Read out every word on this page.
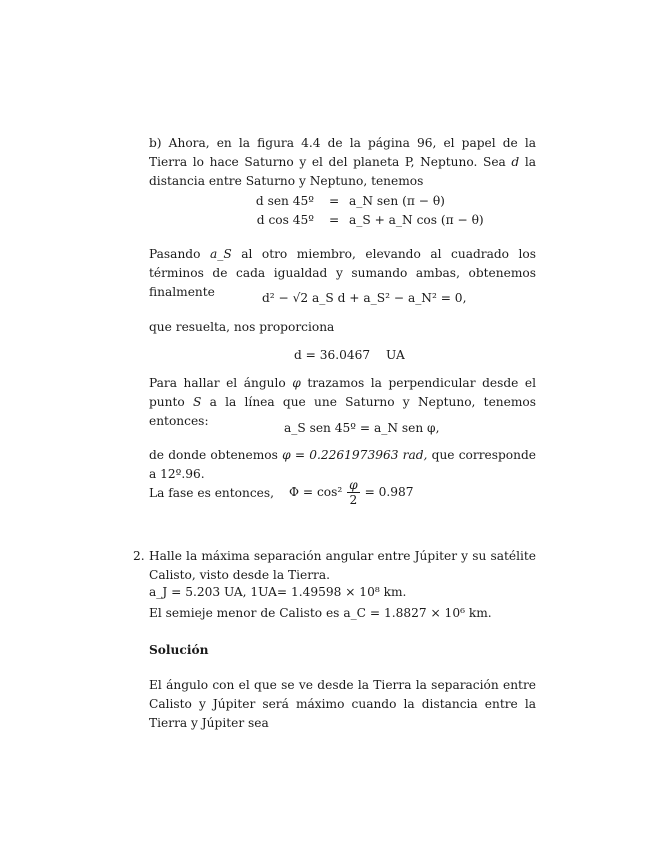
b) Ahora, en la figura 4.4 de la página 96, el papel de la Tierra lo hace Saturno y el del planeta P, Neptuno. Sea d la distancia entre Saturno y Neptuno, tenemos
d sen 45º = a_N sen (π − θ)
d cos 45º = a_S + a_N cos (π − θ)
Pasando a_S al otro miembro, elevando al cuadrado los términos de cada igualdad y sumando ambas, obtenemos finalmente	d² − √2 a_S d + a_S² − a_N² = 0,
que resuelta, nos proporciona
d = 36.0467 UA
Para hallar el ángulo φ trazamos la perpendicular desde el punto S a la línea que une Saturno y Neptuno, tenemos entonces:	a_S sen 45º = a_N sen φ,
de donde obtenemos φ = 0.2261973963 rad, que corresponde a 12º.96.
La fase es entonces,	$\Phi = \cos^2 \frac{\varphi}{2} = 0.987$
2. Halle la máxima separación angular entre Júpiter y su satélite Calisto, visto desde la Tierra.
a_J = 5.203 UA, 1UA= 1.49598 × 10⁸ km.
El semieje menor de Calisto es a_C = 1.8827 × 10⁶ km.
Solución
El ángulo con el que se ve desde la Tierra la separación entre Calisto y Júpiter será máximo cuando la distancia entre la Tierra y Júpiter sea
